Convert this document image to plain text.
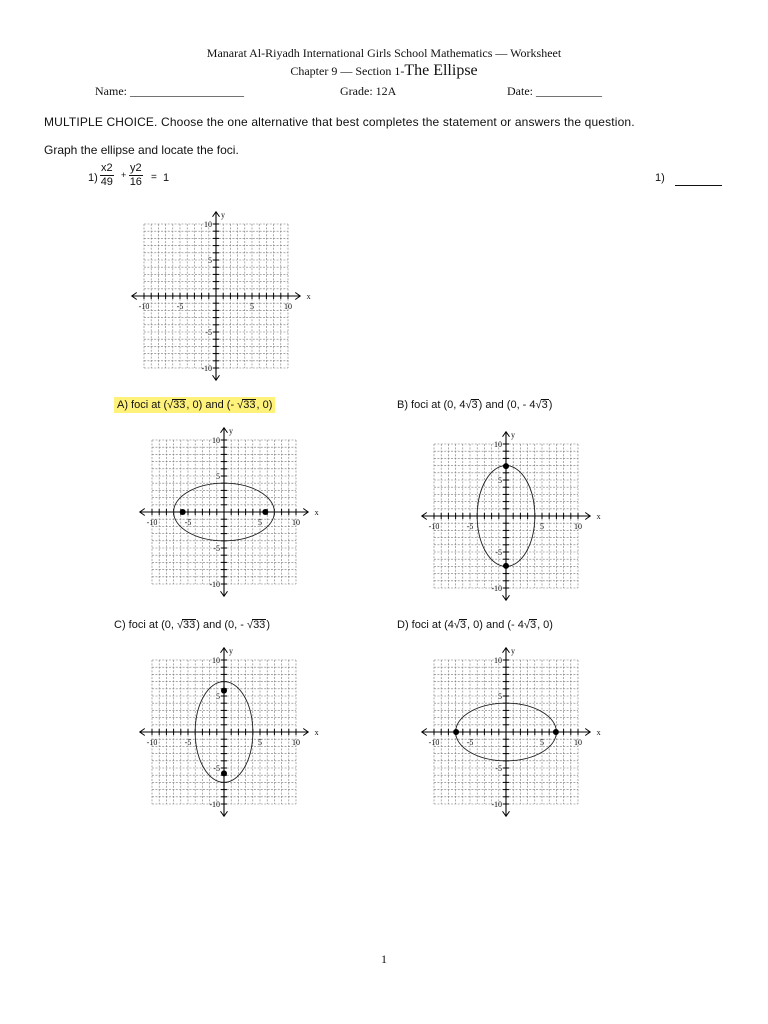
Manarat Al-Riyadh International Girls School Mathematics — Worksheet
Chapter 9 — Section 1-The Ellipse
Name: ___________________	Grade: 12A	Date: ___________
MULTIPLE CHOICE. Choose the one alternative that best completes the statement or answers the question.
Graph the ellipse and locate the foci.
$1) \frac{x2}{49} + \frac{y2}{16} = 1$	1)
-10	-5	5	10
10
5
-5
-10
x
y
A) foci at (√33, 0) and (- √33, 0)	B) foci at (0, 4√3) and (0, - 4√3)
-10	-5	5	10
10
5
-5
-10
x
y
-10	-5	5	10
10
5
-5
-10
x
y
C) foci at (0, √33) and (0, - √33)	D) foci at (4√3, 0) and (- 4√3, 0)
-10	-5	5	10
10
5
-5
-10
x
y
-10	-5	5	10
10
5
-5
-10
x
y
1
